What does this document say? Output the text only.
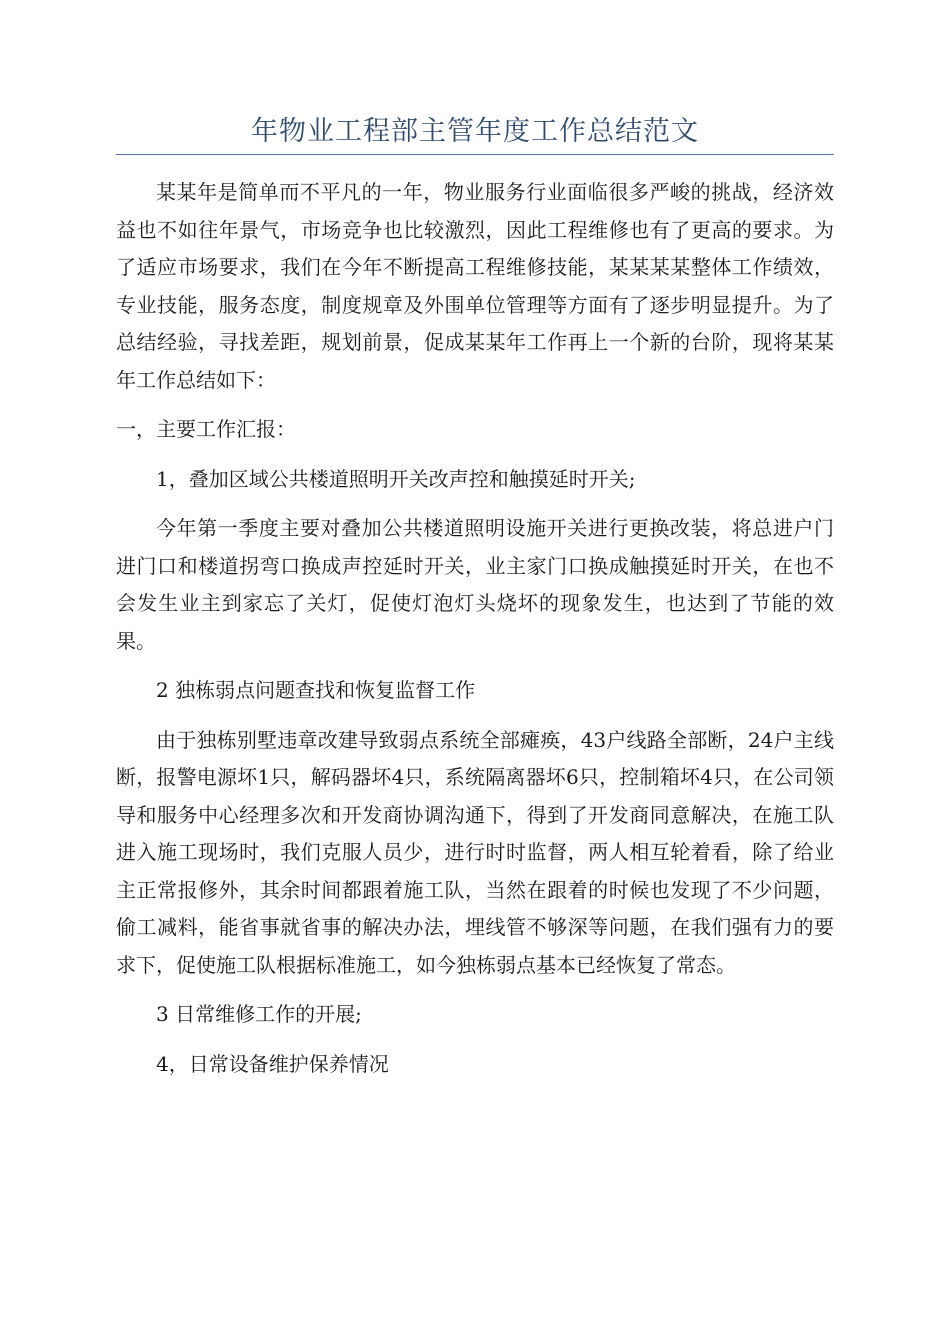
年物业工程部主管年度工作总结范文

某某年是简单而不平凡的一年，物业服务行业面临很多严峻的挑战，经济效益也不如往年景气，市场竞争也比较激烈，因此工程维修也有了更高的要求。为了适应市场要求，我们在今年不断提高工程维修技能，某某某某整体工作绩效，专业技能，服务态度，制度规章及外围单位管理等方面有了逐步明显提升。为了总结经验，寻找差距，规划前景，促成某某年工作再上一个新的台阶，现将某某年工作总结如下：

一，主要工作汇报：

1，叠加区域公共楼道照明开关改声控和触摸延时开关;

今年第一季度主要对叠加公共楼道照明设施开关进行更换改装，将总进户门进门口和楼道拐弯口换成声控延时开关，业主家门口换成触摸延时开关，在也不会发生业主到家忘了关灯，促使灯泡灯头烧坏的现象发生，也达到了节能的效果。

2 独栋弱点问题查找和恢复监督工作

由于独栋别墅违章改建导致弱点系统全部瘫痪，43户线路全部断，24户主线断，报警电源坏1只，解码器坏4只，系统隔离器坏6只，控制箱坏4只，在公司领导和服务中心经理多次和开发商协调沟通下，得到了开发商同意解决，在施工队进入施工现场时，我们克服人员少，进行时时监督，两人相互轮着看，除了给业主正常报修外，其余时间都跟着施工队，当然在跟着的时候也发现了不少问题，偷工减料，能省事就省事的解决办法，埋线管不够深等问题，在我们强有力的要求下，促使施工队根据标准施工，如今独栋弱点基本已经恢复了常态。

3 日常维修工作的开展;

4，日常设备维护保养情况
